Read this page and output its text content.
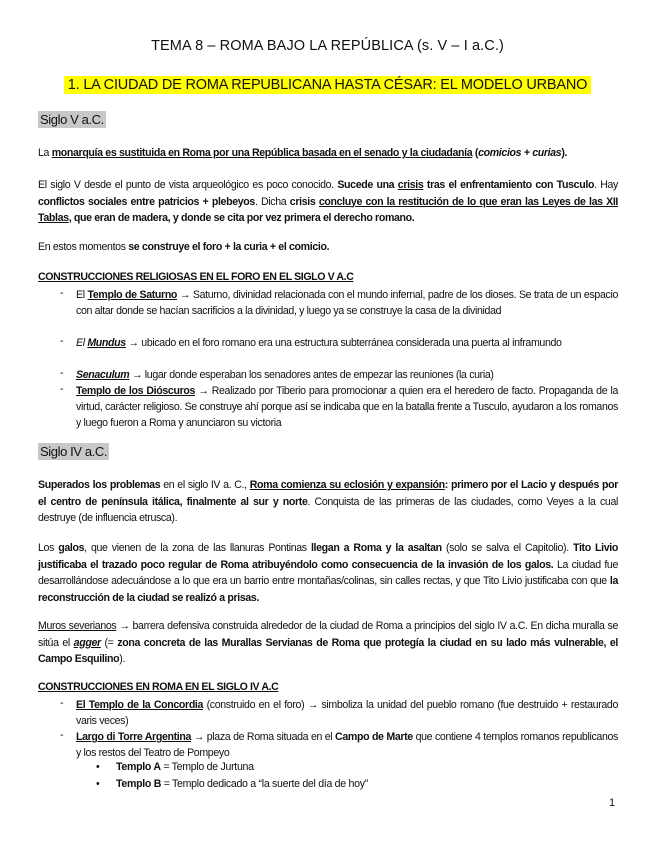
TEMA 8 – ROMA BAJO LA REPÚBLICA (s. V – I a.C.)
1. LA CIUDAD DE ROMA REPUBLICANA HASTA CÉSAR: EL MODELO URBANO
Siglo V a.C.
La monarquía es sustituida en Roma por una República basada en el senado y la ciudadanía (comicios + curias).
El siglo V desde el punto de vista arqueológico es poco conocido. Sucede una crisis tras el enfrentamiento con Tusculo. Hay conflictos sociales entre patricios + plebeyos. Dicha crisis concluye con la restitución de lo que eran las Leyes de las XII Tablas, que eran de madera, y donde se cita por vez primera el derecho romano.
En estos momentos se construye el foro + la curia + el comicio.
CONSTRUCCIONES RELIGIOSAS EN EL FORO EN EL SIGLO V A.C
- El Templo de Saturno → Saturno, divinidad relacionada con el mundo infernal, padre de los dioses. Se trata de un espacio con altar donde se hacían sacrificios a la divinidad, y luego ya se construye la casa de la divinidad
- El Mundus → ubicado en el foro romano era una estructura subterránea considerada una puerta al inframundo
- Senaculum → lugar donde esperaban los senadores antes de empezar las reuniones (la curia)
- Templo de los Dióscuros → Realizado por Tiberio para promocionar a quien era el heredero de facto. Propaganda de la virtud, carácter religioso. Se construye ahí porque así se indicaba que en la batalla frente a Tusculo, ayudaron a los romanos y luego fueron a Roma y anunciaron su victoria
Siglo IV a.C.
Superados los problemas en el siglo IV a. C., Roma comienza su eclosión y expansión: primero por el Lacio y después por el centro de península itálica, finalmente al sur y norte. Conquista de las primeras de las ciudades, como Veyes a la cual destruye (de influencia etrusca).
Los galos, que vienen de la zona de las llanuras Pontinas llegan a Roma y la asaltan (solo se salva el Capitolio). Tito Livio justificaba el trazado poco regular de Roma atribuyéndolo como consecuencia de la invasión de los galos. La ciudad fue desarrollándose adecuándose a lo que era un barrio entre montañas/colinas, sin calles rectas, y que Tito Livio justificaba con que la reconstrucción de la ciudad se realizó a prisas.
Muros severianos → barrera defensiva construida alrededor de la ciudad de Roma a principios del siglo IV a.C. En dicha muralla se sitúa el agger (= zona concreta de las Murallas Servianas de Roma que protegía la ciudad en su lado más vulnerable, el Campo Esquilino).
CONSTRUCCIONES EN ROMA EN EL SIGLO IV A.C
- El Templo de la Concordia (construido en el foro) → simboliza la unidad del pueblo romano (fue destruido + restaurado varis veces)
- Largo di Torre Argentina → plaza de Roma situada en el Campo de Marte que contiene 4 templos romanos republicanos y los restos del Teatro de Pompeyo
• Templo A = Templo de Jurtuna
• Templo B = Templo dedicado a “la suerte del día de hoy”
1
